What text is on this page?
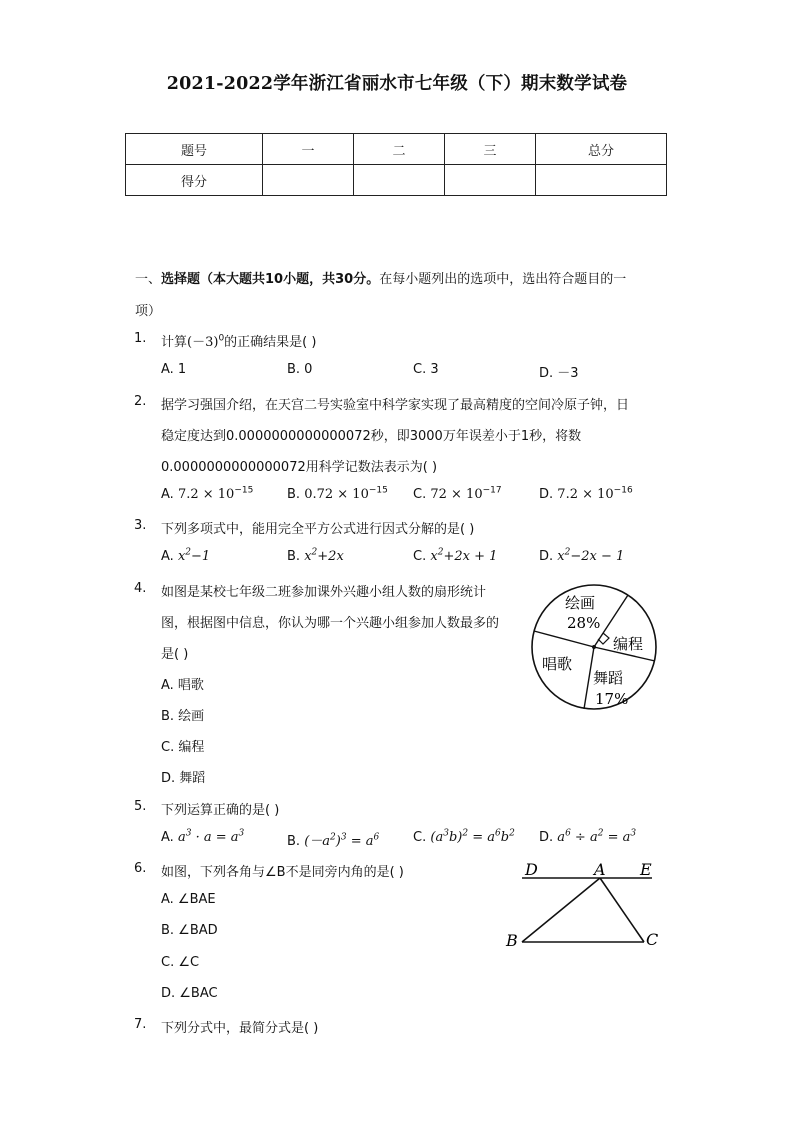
2021-2022学年浙江省丽水市七年级（下）期末数学试卷
题号	一	二	三	总分
得分				
一、选择题（本大题共10小题，共30分。在每小题列出的选项中，选出符合题目的一
项）
1. 计算$(-3)^0$的正确结果是( )
A. 1	B. 0	C. 3	D. －3
2. 据学习强国介绍，在天宫二号实验室中科学家实现了最高精度的空间冷原子钟，日
稳定度达到0.0000000000000072秒，即3000万年误差小于1秒，将数
0.0000000000000072用科学记数法表示为( )
A. $7.2 \times 10^{-15}$	B. $0.72 \times 10^{-15}$ C. $72 \times 10^{-17}$	D. $7.2 \times 10^{-16}$
3. 下列多项式中，能用完全平方公式进行因式分解的是( )
A. $x^2-1$	B. $x^2+2x$	C. $x^2+2x + 1$	D. $x^2-2x - 1$
4. 如图是某校七年级二班参加课外兴趣小组人数的扇形统计
图，根据图中信息，你认为哪一个兴趣小组参加人数最多的
是( )
A. 唱歌
B. 绘画
C. 编程
D. 舞蹈
绘画
28%
编程
唱歌
舞蹈
17%
5. 下列运算正确的是( )
A. $a^3 \cdot a = a^3$
B. $(-a^2)^3 = a^6$	C. $(a^3b)^2 = a^6b^2$ D. $a^6 \div a^2 = a^3$
6. 如图，下列各角与∠B不是同旁内角的是( )
A. ∠BAE
B. ∠BAD
C. ∠C
D. ∠BAC
D	A E
B	C
7. 下列分式中，最简分式是( )
